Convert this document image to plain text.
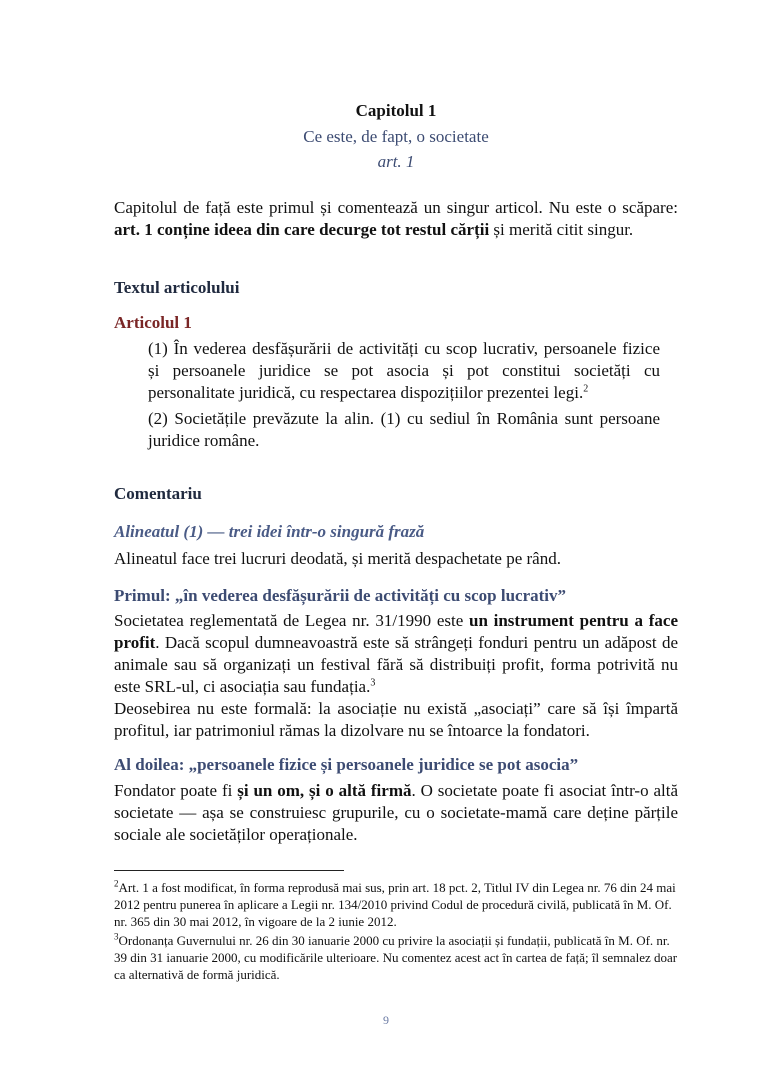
Capitolul 1
Ce este, de fapt, o societate
art. 1
Capitolul de față este primul și comentează un singur articol. Nu este o scăpare: art. 1 conține ideea din care decurge tot restul cărții și merită citit singur.
Textul articolului
Articolul 1

(1) În vederea desfășurării de activități cu scop lucrativ, persoanele fizice și persoanele juridice se pot asocia și pot constitui societăți cu personalitate juridică, cu respectarea dispozițiilor prezentei legi.$^2$

(2) Societățile prevăzute la alin. (1) cu sediul în România sunt persoane juridice române.

Comentariu
Alineatul (1) — trei idei într-o singură frază
Alineatul face trei lucruri deodată, și merită despachetate pe rând.
Primul: „în vederea desfășurării de activități cu scop lucrativ”
Societatea reglementată de Legea nr. 31/1990 este un instrument pentru a face profit. Dacă scopul dumneavoastră este să strângeți fonduri pentru un adăpost de animale sau să organizați un festival fără să distribuiți profit, forma potrivită nu este SRL-ul, ci asociația sau fundația.$^3$
Deosebirea nu este formală: la asociație nu există „asociați” care să își împartă profitul, iar patrimoniul rămas la dizolvare nu se întoarce la fondatori.
Al doilea: „persoanele fizice și persoanele juridice se pot asocia”
Fondator poate fi și un om, și o altă firmă. O societate poate fi asociat într-o altă societate — așa se construiesc grupurile, cu o societate-mamă care deține părțile sociale ale societăților operaționale.
$^2$Art. 1 a fost modificat, în forma reprodusă mai sus, prin art. 18 pct. 2, Titlul IV din Legea nr. 76 din 24 mai 2012 pentru punerea în aplicare a Legii nr. 134/2010 privind Codul de procedură civilă, publicată în M. Of. nr. 365 din 30 mai 2012, în vigoare de la 2 iunie 2012.
$^3$Ordonanța Guvernului nr. 26 din 30 ianuarie 2000 cu privire la asociații și fundații, publicată în M. Of. nr. 39 din 31 ianuarie 2000, cu modificările ulterioare. Nu comentez acest act în cartea de față; îl semnalez doar ca alternativă de formă juridică.
9
